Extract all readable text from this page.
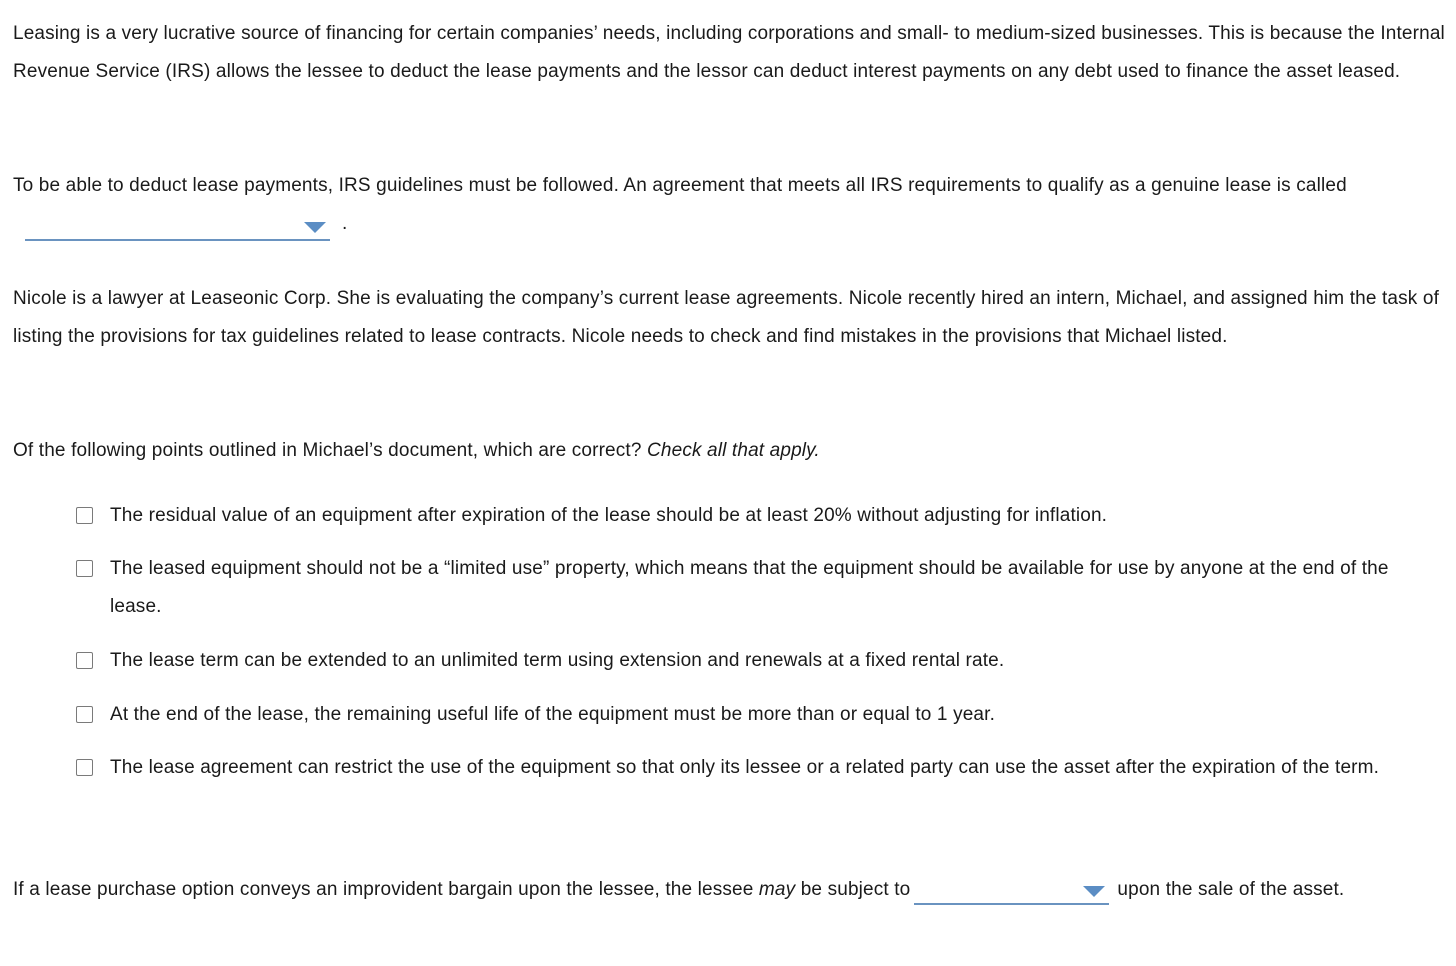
Leasing is a very lucrative source of financing for certain companies’ needs, including corporations and small- to medium-sized businesses. This is because the Internal Revenue Service (IRS) allows the lessee to deduct the lease payments and the lessor can deduct interest payments on any debt used to finance the asset leased.

To be able to deduct lease payments, IRS guidelines must be followed. An agreement that meets all IRS requirements to qualify as a genuine lease is called
.

Nicole is a lawyer at Leaseonic Corp. She is evaluating the company’s current lease agreements. Nicole recently hired an intern, Michael, and assigned him the task of listing the provisions for tax guidelines related to lease contracts. Nicole needs to check and find mistakes in the provisions that Michael listed.

Of the following points outlined in Michael’s document, which are correct? Check all that apply.

The residual value of an equipment after expiration of the lease should be at least 20% without adjusting for inflation.
The leased equipment should not be a “limited use” property, which means that the equipment should be available for use by anyone at the end of the lease.
The lease term can be extended to an unlimited term using extension and renewals at a fixed rental rate.
At the end of the lease, the remaining useful life of the equipment must be more than or equal to 1 year.
The lease agreement can restrict the use of the equipment so that only its lessee or a related party can use the asset after the expiration of the term.

If a lease purchase option conveys an improvident bargain upon the lessee, the lessee may be subject to	upon the sale of the asset.
